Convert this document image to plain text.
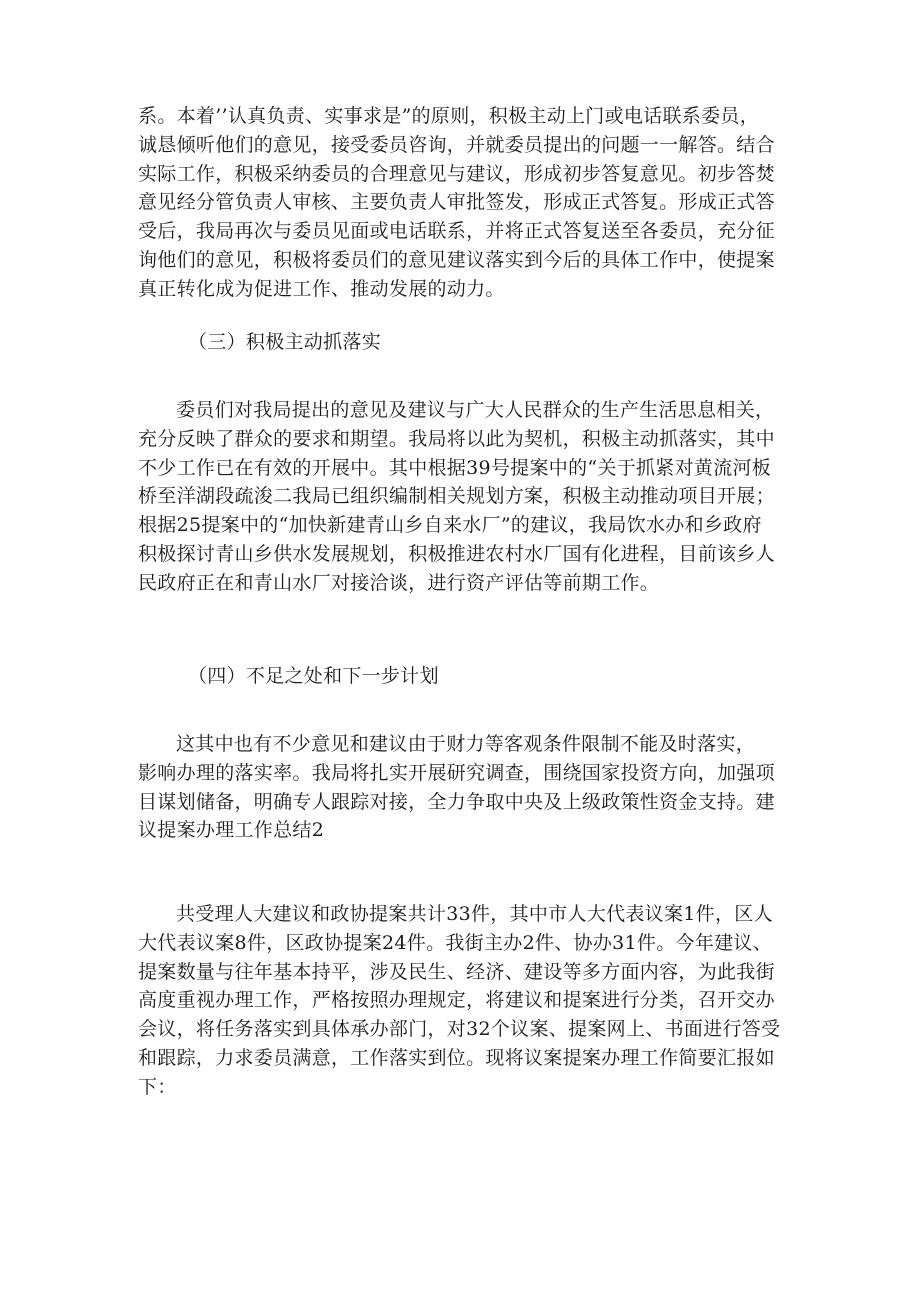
系。本着’’认真负责、实事求是”的原则，积极主动上门或电话联系委员，
诚恳倾听他们的意见，接受委员咨询，并就委员提出的问题一一解答。结合
实际工作，积极采纳委员的合理意见与建议，形成初步答复意见。初步答焚
意见经分管负责人审核、主要负责人审批签发，形成正式答复。形成正式答
受后，我局再次与委员见面或电话联系，并将正式答复送至各委员，充分征
询他们的意见，积极将委员们的意见建议落实到今后的具体工作中，使提案
真正转化成为促进工作、推动发展的动力。
（三）积极主动抓落实
委员们对我局提出的意见及建议与广大人民群众的生产生活思息相关，
充分反映了群众的要求和期望。我局将以此为契机，积极主动抓落实，其中
不少工作已在有效的开展中。其中根据39号提案中的“关于抓紧对黄流河板
桥至洋湖段疏浚二我局已组织编制相关规划方案，积极主动推动项目开展；
根据25提案中的“加快新建青山乡自来水厂”的建议，我局饮水办和乡政府
积极探讨青山乡供水发展规划，积极推进农村水厂国有化进程，目前该乡人
民政府正在和青山水厂对接洽谈，进行资产评估等前期工作。
（四）不足之处和下一步计划
这其中也有不少意见和建议由于财力等客观条件限制不能及时落实，
影响办理的落实率。我局将扎实开展研究调查，围绕国家投资方向，加强项
目谋划储备，明确专人跟踪对接，全力争取中央及上级政策性资金支持。建
议提案办理工作总结2
共受理人大建议和政协提案共计33件，其中市人大代表议案1件，区人
大代表议案8件，区政协提案24件。我街主办2件、协办31件。今年建议、
提案数量与往年基本持平，涉及民生、经济、建设等多方面内容，为此我街
高度重视办理工作，严格按照办理规定，将建议和提案进行分类，召开交办
会议，将任务落实到具体承办部门，对32个议案、提案网上、书面进行答受
和跟踪，力求委员满意，工作落实到位。现将议案提案办理工作简要汇报如
下：
